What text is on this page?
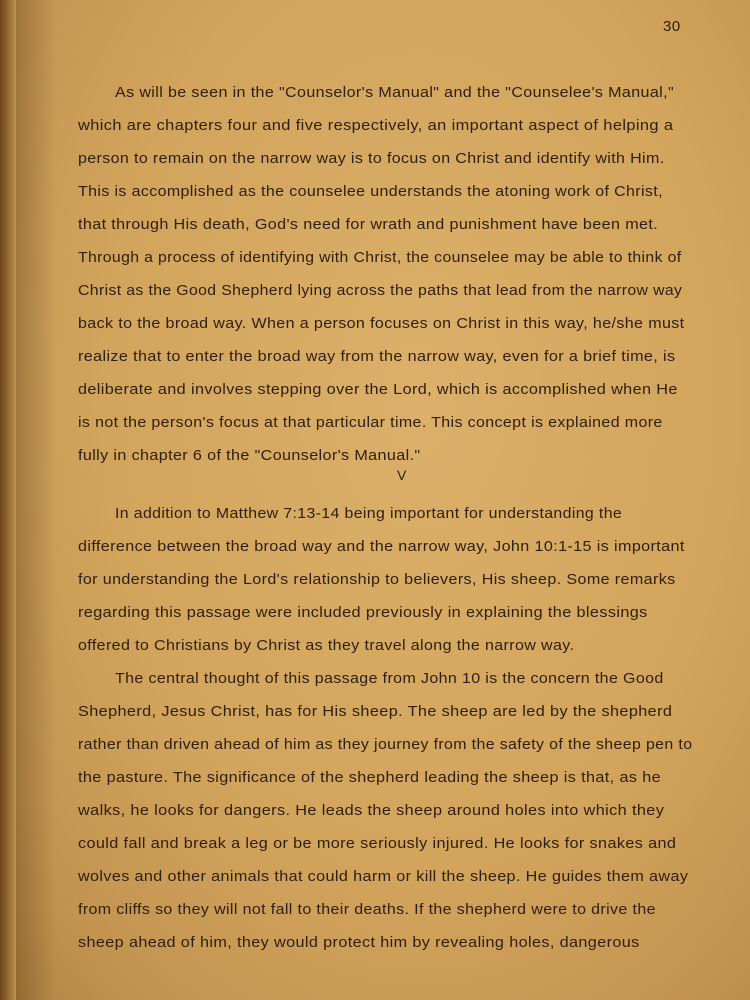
30
As will be seen in the "Counselor's Manual" and the "Counselee's Manual,"
which are chapters four and five respectively, an important aspect of helping a
person to remain on the narrow way is to focus on Christ and identify with Him.
This is accomplished as the counselee understands the atoning work of Christ,
that through His death, God's need for wrath and punishment have been met.
Through a process of identifying with Christ, the counselee may be able to think of
Christ as the Good Shepherd lying across the paths that lead from the narrow way
back to the broad way. When a person focuses on Christ in this way, he/she must
realize that to enter the broad way from the narrow way, even for a brief time, is
deliberate and involves stepping over the Lord, which is accomplished when He
is not the person's focus at that particular time. This concept is explained more
fully in chapter 6 of the "Counselor's Manual."
V
In addition to Matthew 7:13-14 being important for understanding the
difference between the broad way and the narrow way, John 10:1-15 is important
for understanding the Lord's relationship to believers, His sheep. Some remarks
regarding this passage were included previously in explaining the blessings
offered to Christians by Christ as they travel along the narrow way.
The central thought of this passage from John 10 is the concern the Good
Shepherd, Jesus Christ, has for His sheep. The sheep are led by the shepherd
rather than driven ahead of him as they journey from the safety of the sheep pen to
the pasture. The significance of the shepherd leading the sheep is that, as he
walks, he looks for dangers. He leads the sheep around holes into which they
could fall and break a leg or be more seriously injured. He looks for snakes and
wolves and other animals that could harm or kill the sheep. He guides them away
from cliffs so they will not fall to their deaths. If the shepherd were to drive the
sheep ahead of him, they would protect him by revealing holes, dangerous
